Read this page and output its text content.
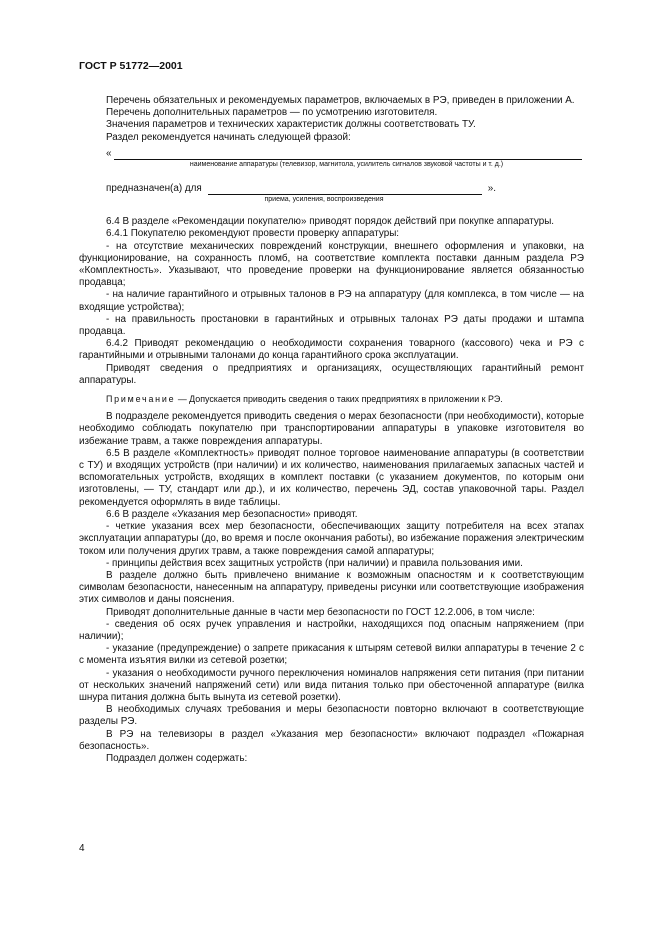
ГОСТ Р 51772—2001

Перечень обязательных и рекомендуемых параметров, включаемых в РЭ, приведен в приложении А.

Перечень дополнительных параметров — по усмотрению изготовителя.

Значения параметров и технических характеристик должны соответствовать ТУ.

Раздел рекомендуется начинать следующей фразой:

«
наименование аппаратуры (телевизор, магнитола, усилитель сигналов звуковой частоты и т. д.)
предназначен(а) для	».
приема, усиления, воспроизведения

6.4 В разделе «Рекомендации покупателю» приводят порядок действий при покупке аппаратуры.

6.4.1 Покупателю рекомендуют провести проверку аппаратуры:

- на отсутствие механических повреждений конструкции, внешнего оформления и упаковки, на функционирование, на сохранность пломб, на соответствие комплекта поставки данным раздела РЭ «Комплектность». Указывают, что проведение проверки на функционирование является обязанностью продавца;

- на наличие гарантийного и отрывных талонов в РЭ на аппаратуру (для комплекса, в том числе — на входящие устройства);

- на правильность простановки в гарантийных и отрывных талонах РЭ даты продажи и штампа продавца.

6.4.2 Приводят рекомендацию о необходимости сохранения товарного (кассового) чека и РЭ с гарантийными и отрывными талонами до конца гарантийного срока эксплуатации.

Приводят сведения о предприятиях и организациях, осуществляющих гарантийный ремонт аппаратуры.

Примечание — Допускается приводить сведения о таких предприятиях в приложении к РЭ.

В подразделе рекомендуется приводить сведения о мерах безопасности (при необходимости), которые необходимо соблюдать покупателю при транспортировании аппаратуры в упаковке изготовителя во избежание травм, а также повреждения аппаратуры.

6.5 В разделе «Комплектность» приводят полное торговое наименование аппаратуры (в соответствии с ТУ) и входящих устройств (при наличии) и их количество, наименования прилагаемых запасных частей и вспомогательных устройств, входящих в комплект поставки (с указанием документов, по которым они изготовлены, — ТУ, стандарт или др.), и их количество, перечень ЭД, состав упаковочной тары. Раздел рекомендуется оформлять в виде таблицы.

6.6 В разделе «Указания мер безопасности» приводят.

- четкие указания всех мер безопасности, обеспечивающих защиту потребителя на всех этапах эксплуатации аппаратуры (до, во время и после окончания работы), во избежание поражения электрическим током или получения других травм, а также повреждения самой аппаратуры;

- принципы действия всех защитных устройств (при наличии) и правила пользования ими.

В разделе должно быть привлечено внимание к возможным опасностям и к соответствующим символам безопасности, нанесенным на аппаратуру, приведены рисунки или соответствующие изображения этих символов и даны пояснения.

Приводят дополнительные данные в части мер безопасности по ГОСТ 12.2.006, в том числе:

- сведения об осях ручек управления и настройки, находящихся под опасным напряжением (при наличии);

- указание (предупреждение) о запрете прикасания к штырям сетевой вилки аппаратуры в течение 2 с с момента изъятия вилки из сетевой розетки;

- указания о необходимости ручного переключения номиналов напряжения сети питания (при питании от нескольких значений напряжений сети) или вида питания только при обесточенной аппаратуре (вилка шнура питания должна быть вынута из сетевой розетки).

В необходимых случаях требования и меры безопасности повторно включают в соответствующие разделы РЭ.

В РЭ на телевизоры в раздел «Указания мер безопасности» включают подраздел «Пожарная безопасность».

Подраздел должен содержать:

4
